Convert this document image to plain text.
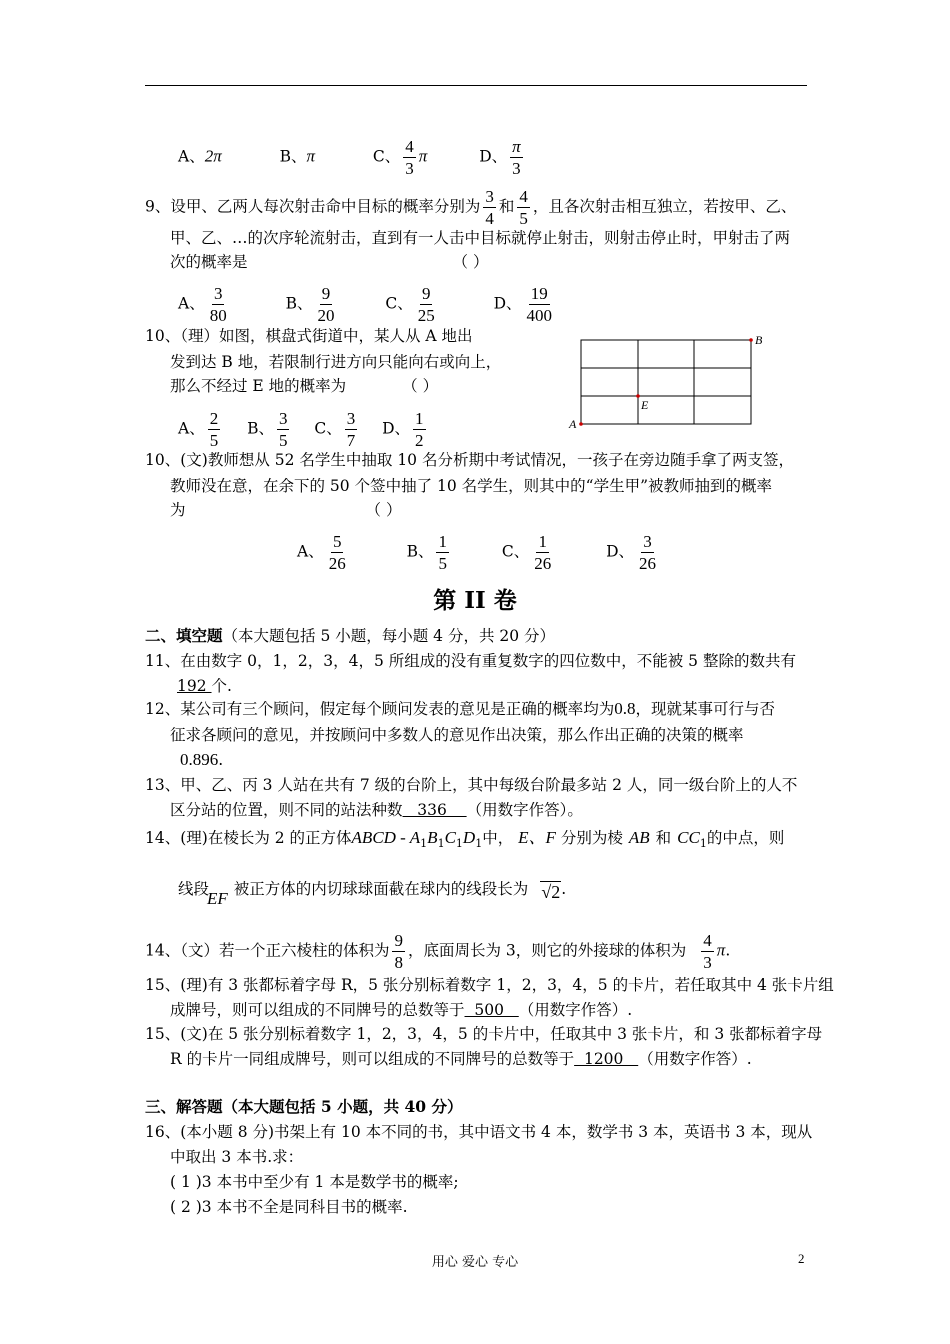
A、2π	B、π	C、 $\frac{4}{3}$ π	D、 $\frac{\pi}{3}$
9、设甲、乙两人每次射击命中目标的概率分别为 $\frac{3}{4}$ 和 $\frac{4}{5}$ ，且各次射击相互独立，若按甲、乙、
甲、乙、…的次序轮流射击，直到有一人击中目标就停止射击，则射击停止时，甲射击了两
次的概率是	（ ）
A、 $\frac{3}{80}$	B、 $\frac{9}{20}$	C、 $\frac{9}{25}$	D、 $\frac{19}{400}$
10、（理）如图，棋盘式街道中，某人从 A 地出
发到达 B 地，若限制行进方向只能向右或向上，
那么不经过 E 地的概率为	（ ）
A、 $\frac{2}{5}$ B、 $\frac{3}{5}$ C、 $\frac{3}{7}$ D、 $\frac{1}{2}$	A
B
E
10、(文)教师想从 52 名学生中抽取 10 名分析期中考试情况，一孩子在旁边随手拿了两支签，
教师没在意，在余下的 50 个签中抽了 10 名学生，则其中的“学生甲”被教师抽到的概率
为	（ ）
A、 $\frac{5}{26}$	B、 $\frac{1}{5}$	C、 $\frac{1}{26}$	D、 $\frac{3}{26}$
第 II 卷
二、填空题（本大题包括 5 小题，每小题 4 分，共 20 分）
11、在由数字 0，1，2，3，4，5 所组成的没有重复数字的四位数中，不能被 5 整除的数共有
192 个.
12、某公司有三个顾问，假定每个顾问发表的意见是正确的概率均为0.8，现就某事可行与否
征求各顾问的意见，并按顾问中多数人的意见作出决策，那么作出正确的决策的概率
0.896.
13、甲、乙、丙 3 人站在共有 7 级的台阶上，其中每级台阶最多站 2 人，同一级台阶上的人不
区分站的位置，则不同的站法种数   336    （用数字作答）。
14、(理)在棱长为 2 的正方体ABCD - $A_1B_1C_1D_1$中， E、F 分别为棱 AB 和 $CC_1$的中点，则
线段EF 被正方体的内切球球面截在球内的线段长为 √2.
14、（文）若一个正六棱柱的体积为 $\frac{9}{8}$ ，底面周长为 3，则它的外接球的体积为 $\frac{4}{3} \pi$.
15、(理)有 3 张都标着字母 R，5 张分别标着数字 1，2，3，4，5 的卡片，若任取其中 4 张卡片组
成牌号，则可以组成的不同牌号的总数等于  500   （用数字作答）.
15、(文)在 5 张分别标着数字 1，2，3，4，5 的卡片中，任取其中 3 张卡片，和 3 张都标着字母
R 的卡片一同组成牌号，则可以组成的不同牌号的总数等于  1200   （用数字作答）.
三、解答题（本大题包括 5 小题，共 40 分）
16、(本小题 8 分)书架上有 10 本不同的书，其中语文书 4 本，数学书 3 本，英语书 3 本，现从
中取出 3 本书.求：
( 1 )3 本书中至少有 1 本是数学书的概率;
( 2 )3 本书不全是同科目书的概率.
用心 爱心 专心	2
